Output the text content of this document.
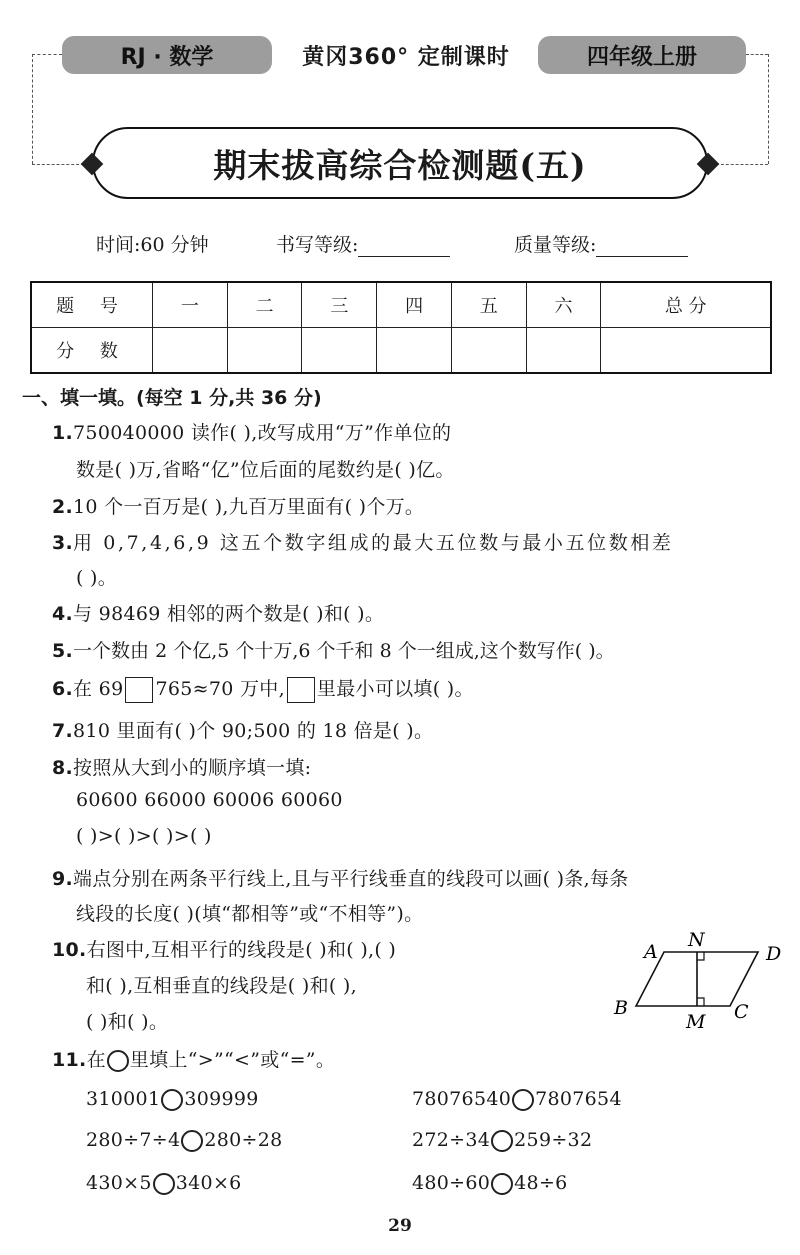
RJ · 数学	黄冈360° 定制课时	四年级上册
期末拔高综合检测题(五)
时间:60 分钟	书写等级:	质量等级:
题 号	一	二	三	四	五	六	总 分
分 数							
一、填一填。(每空 1 分,共 36 分)
1.750040000 读作( ),改写成用“万”作单位的
数是( )万,省略“亿”位后面的尾数约是( )亿。
2.10 个一百万是( ),九百万里面有( )个万。
3.用 0,7,4,6,9 这五个数字组成的最大五位数与最小五位数相差
( )。
4.与 98469 相邻的两个数是( )和( )。
5.一个数由 2 个亿,5 个十万,6 个千和 8 个一组成,这个数写作( )。
6.在 69 765≈70 万中, 里最小可以填( )。
7.810 里面有( )个 90;500 的 18 倍是( )。
8.按照从大到小的顺序填一填:
60600 66000 60006 60060
( )>( )>( )>( )
9.端点分别在两条平行线上,且与平行线垂直的线段可以画( )条,每条
线段的长度( )(填“都相等”或“不相等”)。
10.右图中,互相平行的线段是( )和( ),( )
和( ),互相垂直的线段是( )和( ),
( )和( )。
A
N
D
B
M C
11.在 里填上“>”“<”或“=”。
310001 309999	78076540 7807654
280÷7÷4 280÷28	272÷34 259÷32
430×5 340×6	480÷60 48÷6
29
